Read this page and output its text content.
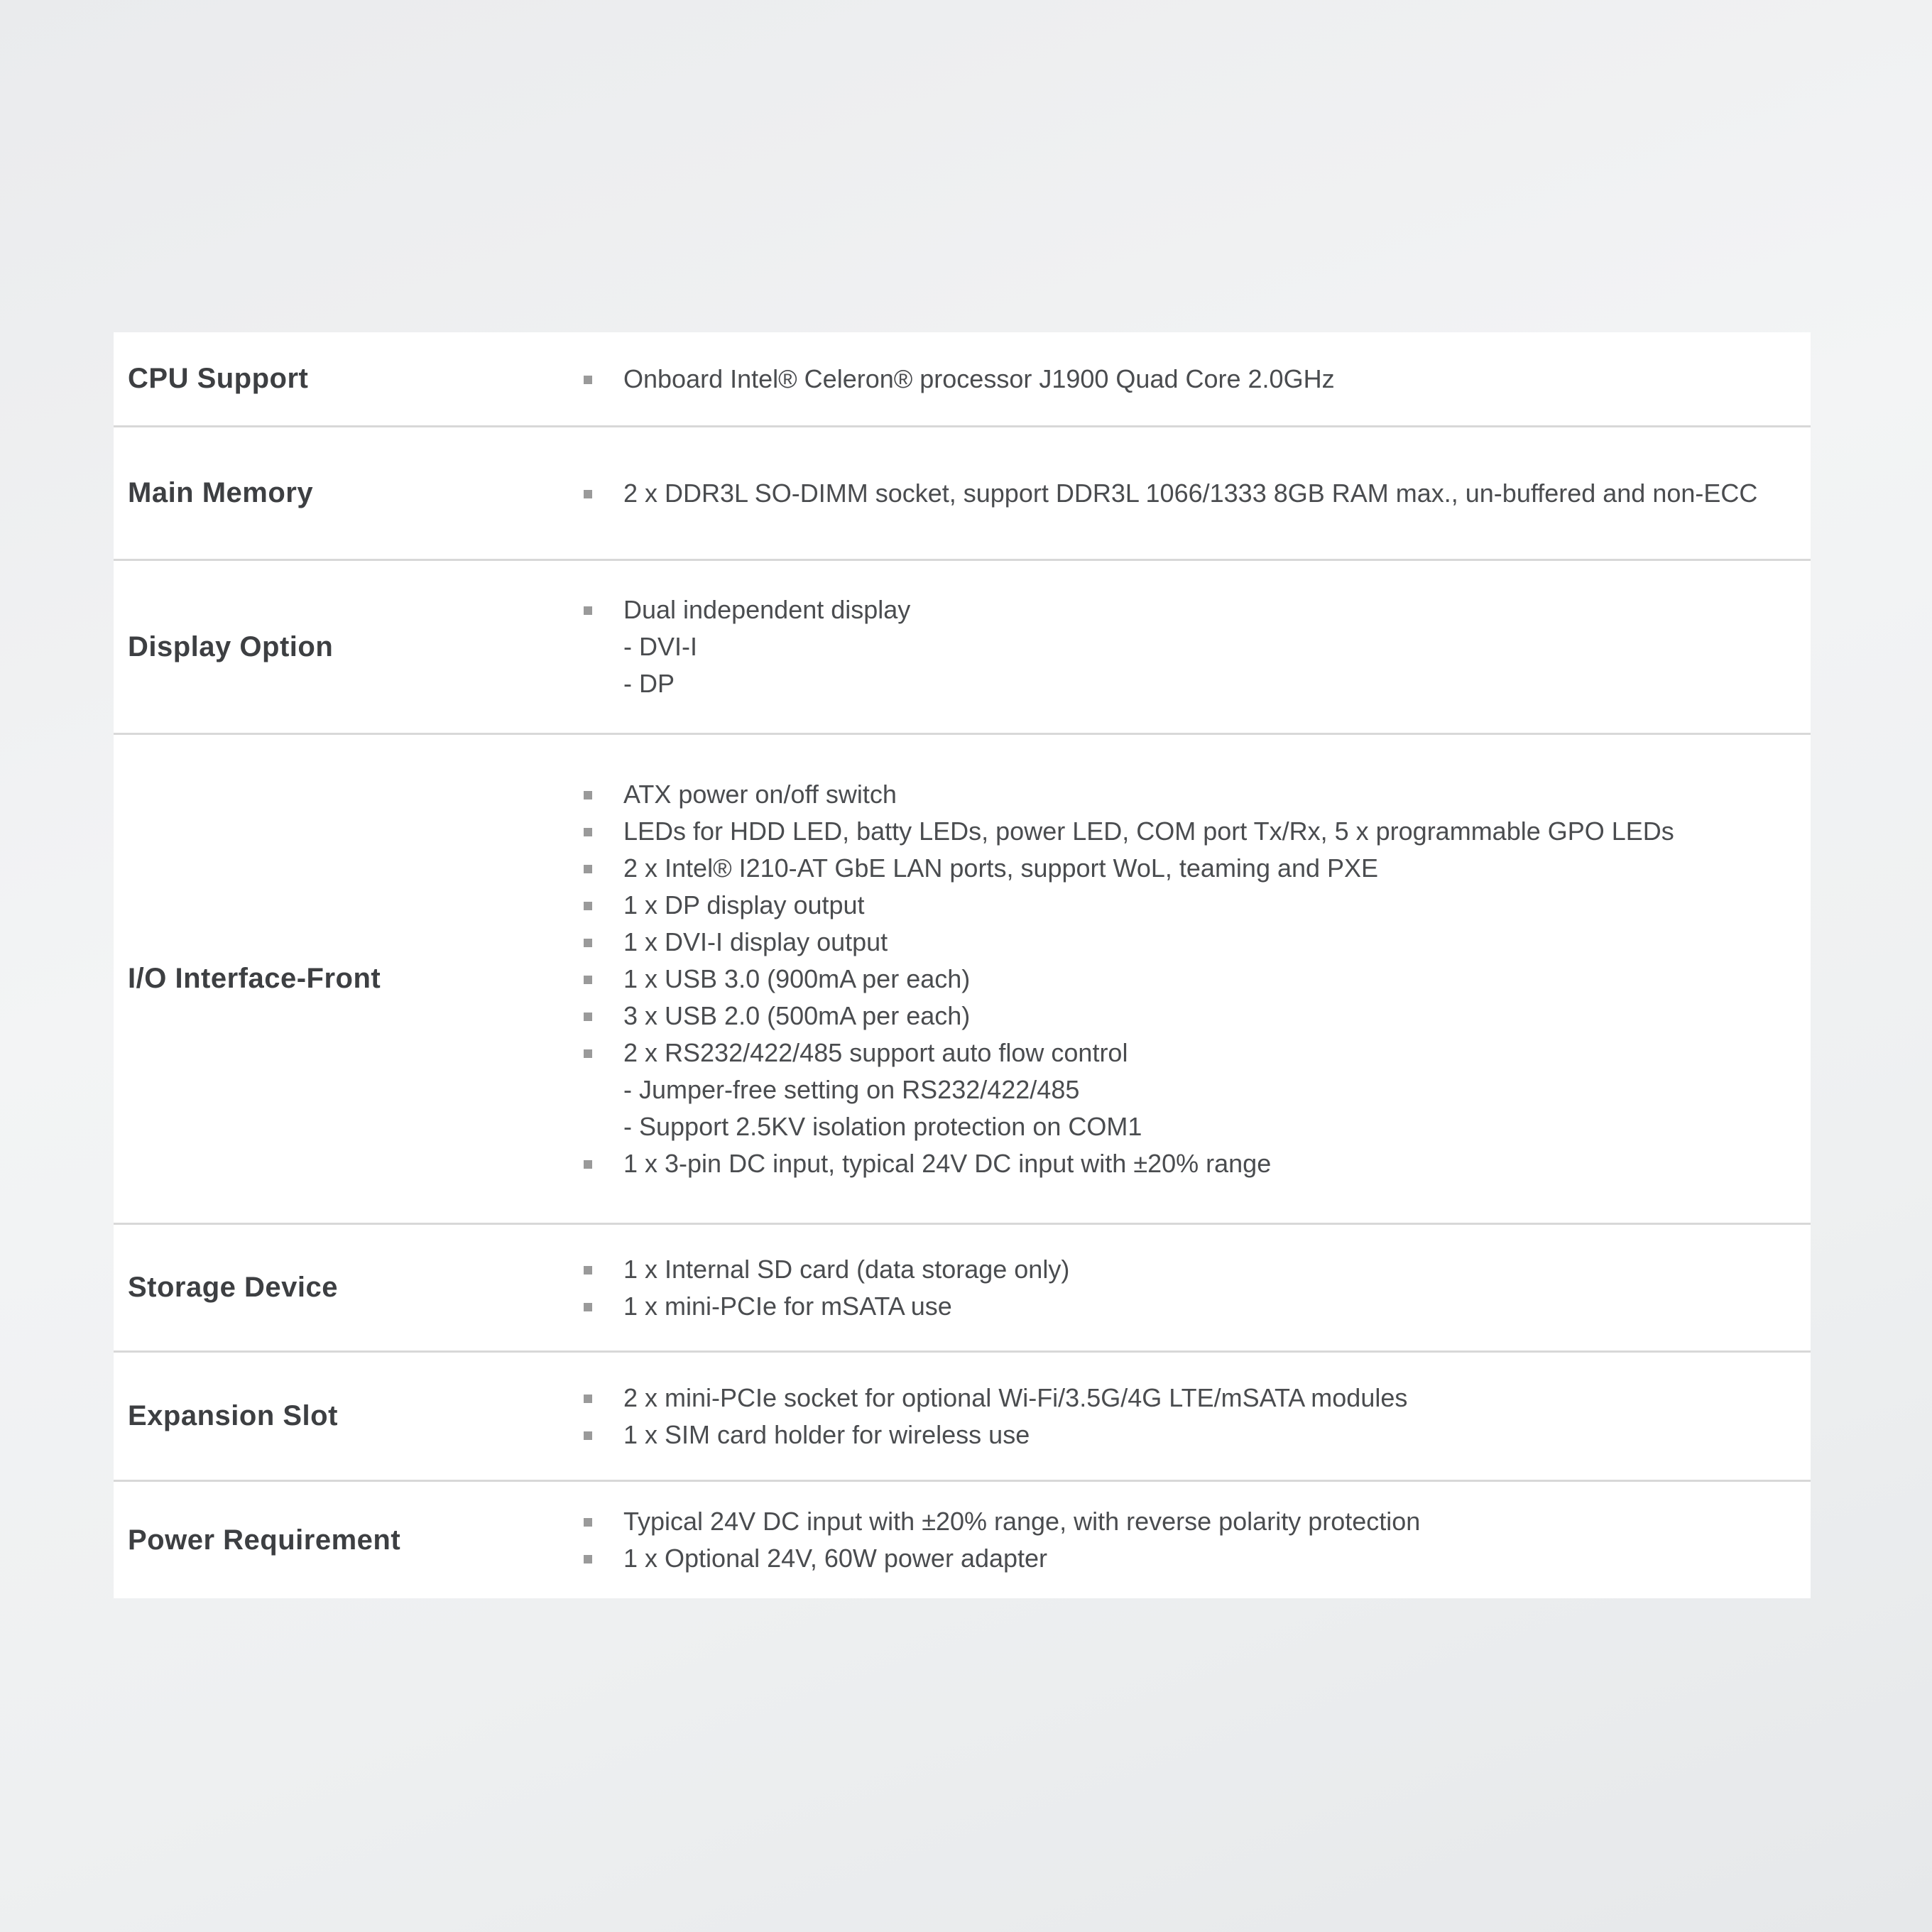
CPU Support	Onboard Intel® Celeron® processor J1900 Quad Core 2.0GHz
Main Memory	2 x DDR3L SO-DIMM socket, support DDR3L 1066/1333 8GB RAM max., un-buffered and non-ECC
Display Option
Dual independent display
- DVI-I
- DP
I/O Interface-Front
ATX power on/off switch
LEDs for HDD LED, batty LEDs, power LED, COM port Tx/Rx, 5 x programmable GPO LEDs
2 x Intel® I210-AT GbE LAN ports, support WoL, teaming and PXE
1 x DP display output
1 x DVI-I display output
1 x USB 3.0 (900mA per each)
3 x USB 2.0 (500mA per each)
2 x RS232/422/485 support auto flow control
- Jumper-free setting on RS232/422/485
- Support 2.5KV isolation protection on COM1
1 x 3-pin DC input, typical 24V DC input with ±20% range
Storage Device
1 x Internal SD card (data storage only)
1 x mini-PCIe for mSATA use
Expansion Slot
2 x mini-PCIe socket for optional Wi-Fi/3.5G/4G LTE/mSATA modules
1 x SIM card holder for wireless use
Power Requirement
Typical 24V DC input with ±20% range, with reverse polarity protection
1 x Optional 24V, 60W power adapter
